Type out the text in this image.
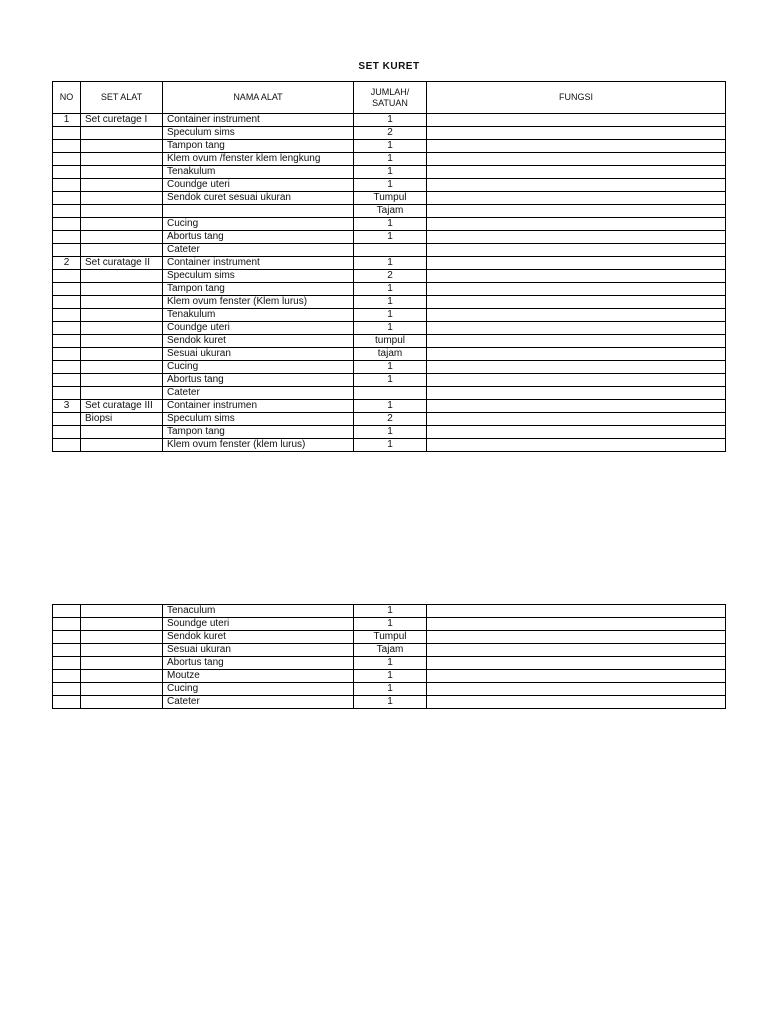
SET KURET
NO	SET ALAT	NAMA ALAT	JUMLAH/ SATUAN	FUNGSI
1	Set curetage I	Container instrument	1	
		Speculum sims	2	
		Tampon tang	1	
		Klem ovum /fenster klem lengkung	1	
		Tenakulum	1	
		Coundge uteri	1	
		Sendok curet sesuai ukuran	Tumpul	
			Tajam	
		Cucing	1	
		Abortus tang	1	
		Cateter		
2	Set curatage II	Container instrument	1	
		Speculum sims	2	
		Tampon tang	1	
		Klem ovum fenster (Klem lurus)	1	
		Tenakulum	1	
		Coundge uteri	1	
		Sendok kuret	tumpul	
		Sesuai ukuran	tajam	
		Cucing	1	
		Abortus tang	1	
		Cateter		
3	Set curatage III	Container instrumen	1	
	Biopsi	Speculum sims	2	
		Tampon tang	1	
		Klem ovum fenster (klem lurus)	1	
		Tenaculum	1	
		Soundge uteri	1	
		Sendok kuret	Tumpul	
		Sesuai ukuran	Tajam	
		Abortus tang	1	
		Moutze	1	
		Cucing	1	
		Cateter	1	
